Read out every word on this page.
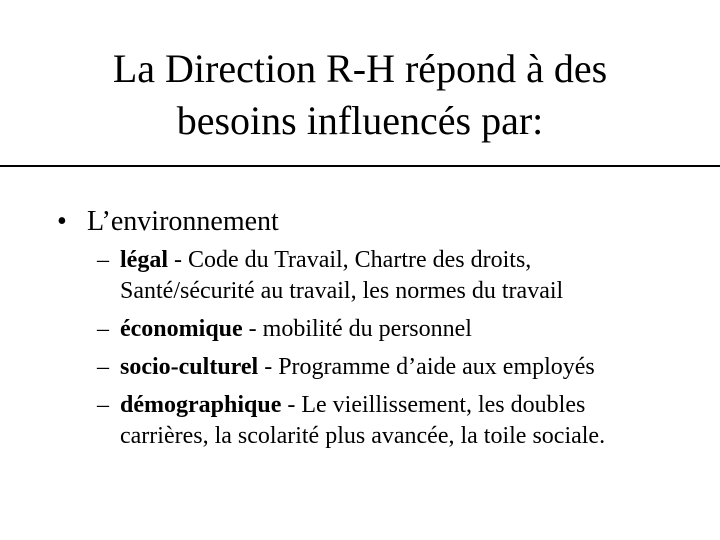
La Direction R-H répond à des
besoins influencés par:

• L’environnement

– légal - Code du Travail, Chartre des droits,
Santé/sécurité au travail, les normes du travail
– économique - mobilité du personnel
– socio-culturel - Programme d’aide aux employés
– démographique - Le vieillissement, les doubles
carrières, la scolarité plus avancée, la toile sociale.
